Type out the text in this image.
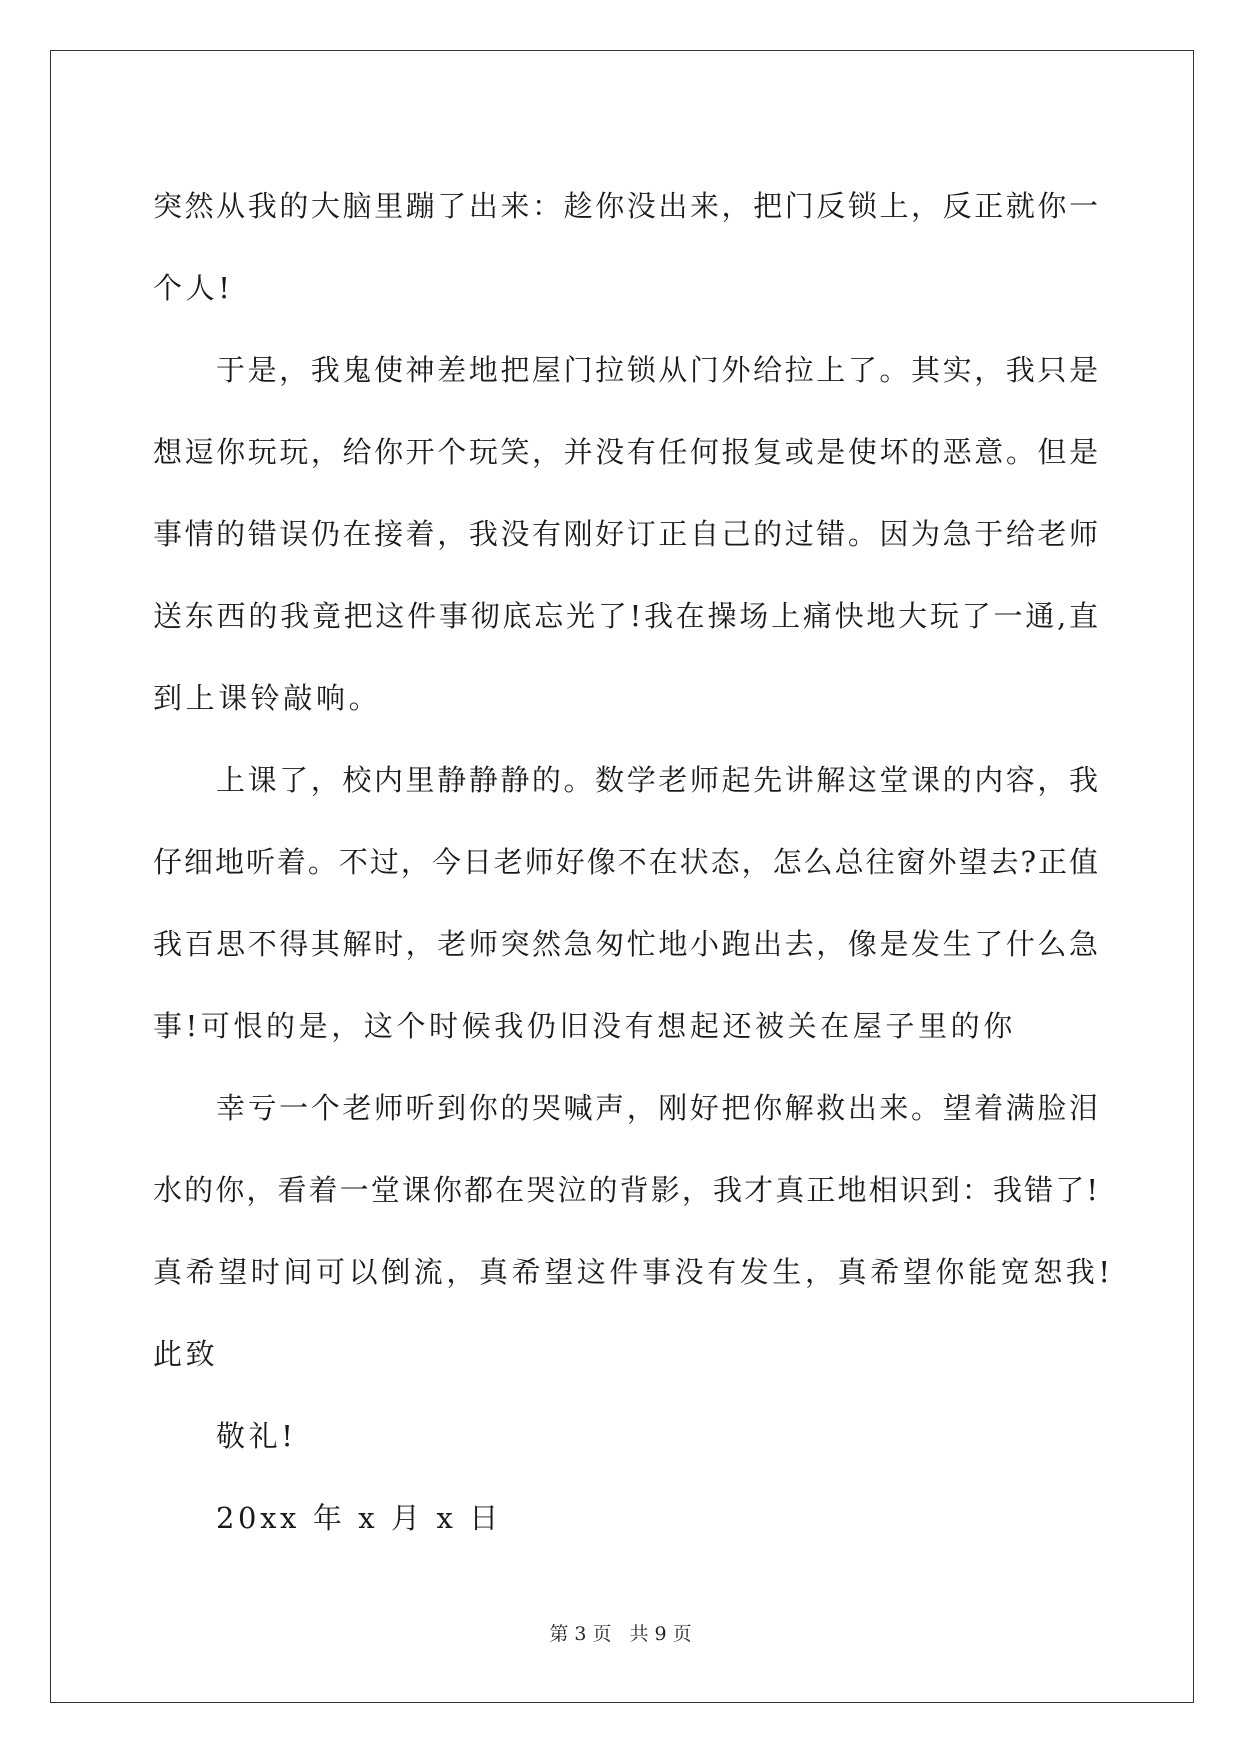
突然从我的大脑里蹦了出来：趁你没出来，把门反锁上，反正就你一
个人!
于是，我鬼使神差地把屋门拉锁从门外给拉上了。其实，我只是
想逗你玩玩，给你开个玩笑，并没有任何报复或是使坏的恶意。但是
事情的错误仍在接着，我没有刚好订正自己的过错。因为急于给老师
送东西的我竟把这件事彻底忘光了!我在操场上痛快地大玩了一通,直
到上课铃敲响。
上课了，校内里静静静的。数学老师起先讲解这堂课的内容，我
仔细地听着。不过，今日老师好像不在状态，怎么总往窗外望去?正值
我百思不得其解时，老师突然急匆忙地小跑出去，像是发生了什么急
事!可恨的是，这个时候我仍旧没有想起还被关在屋子里的你
幸亏一个老师听到你的哭喊声，刚好把你解救出来。望着满脸泪
水的你，看着一堂课你都在哭泣的背影，我才真正地相识到：我错了!
真希望时间可以倒流，真希望这件事没有发生，真希望你能宽恕我!
此致
敬礼!
20xx 年 x 月 x 日
第 3 页 共 9 页
